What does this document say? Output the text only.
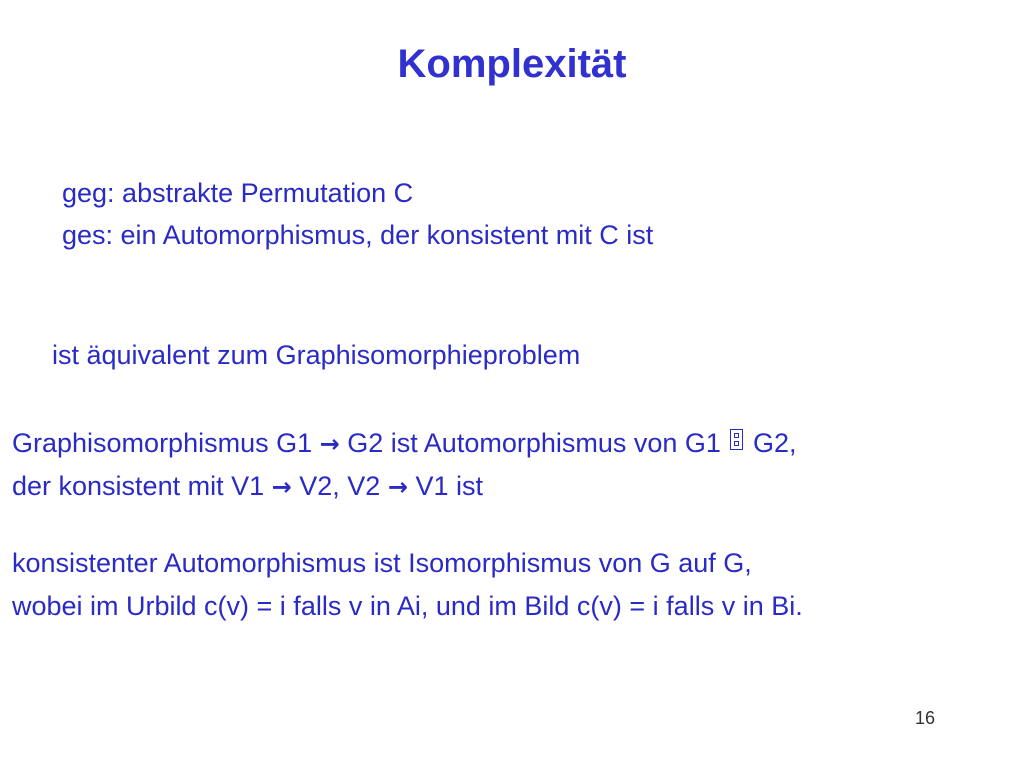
Komplexität
geg: abstrakte Permutation C
ges: ein Automorphismus, der konsistent mit C ist
ist äquivalent zum Graphisomorphieproblem
Graphisomorphismus G1 → G2 ist Automorphismus von G1 G2,
der konsistent mit V1 → V2, V2 → V1 ist
konsistenter Automorphismus ist Isomorphismus von G auf G,
wobei im Urbild c(v) = i falls v in Ai, und im Bild c(v) = i falls v in Bi.
16
